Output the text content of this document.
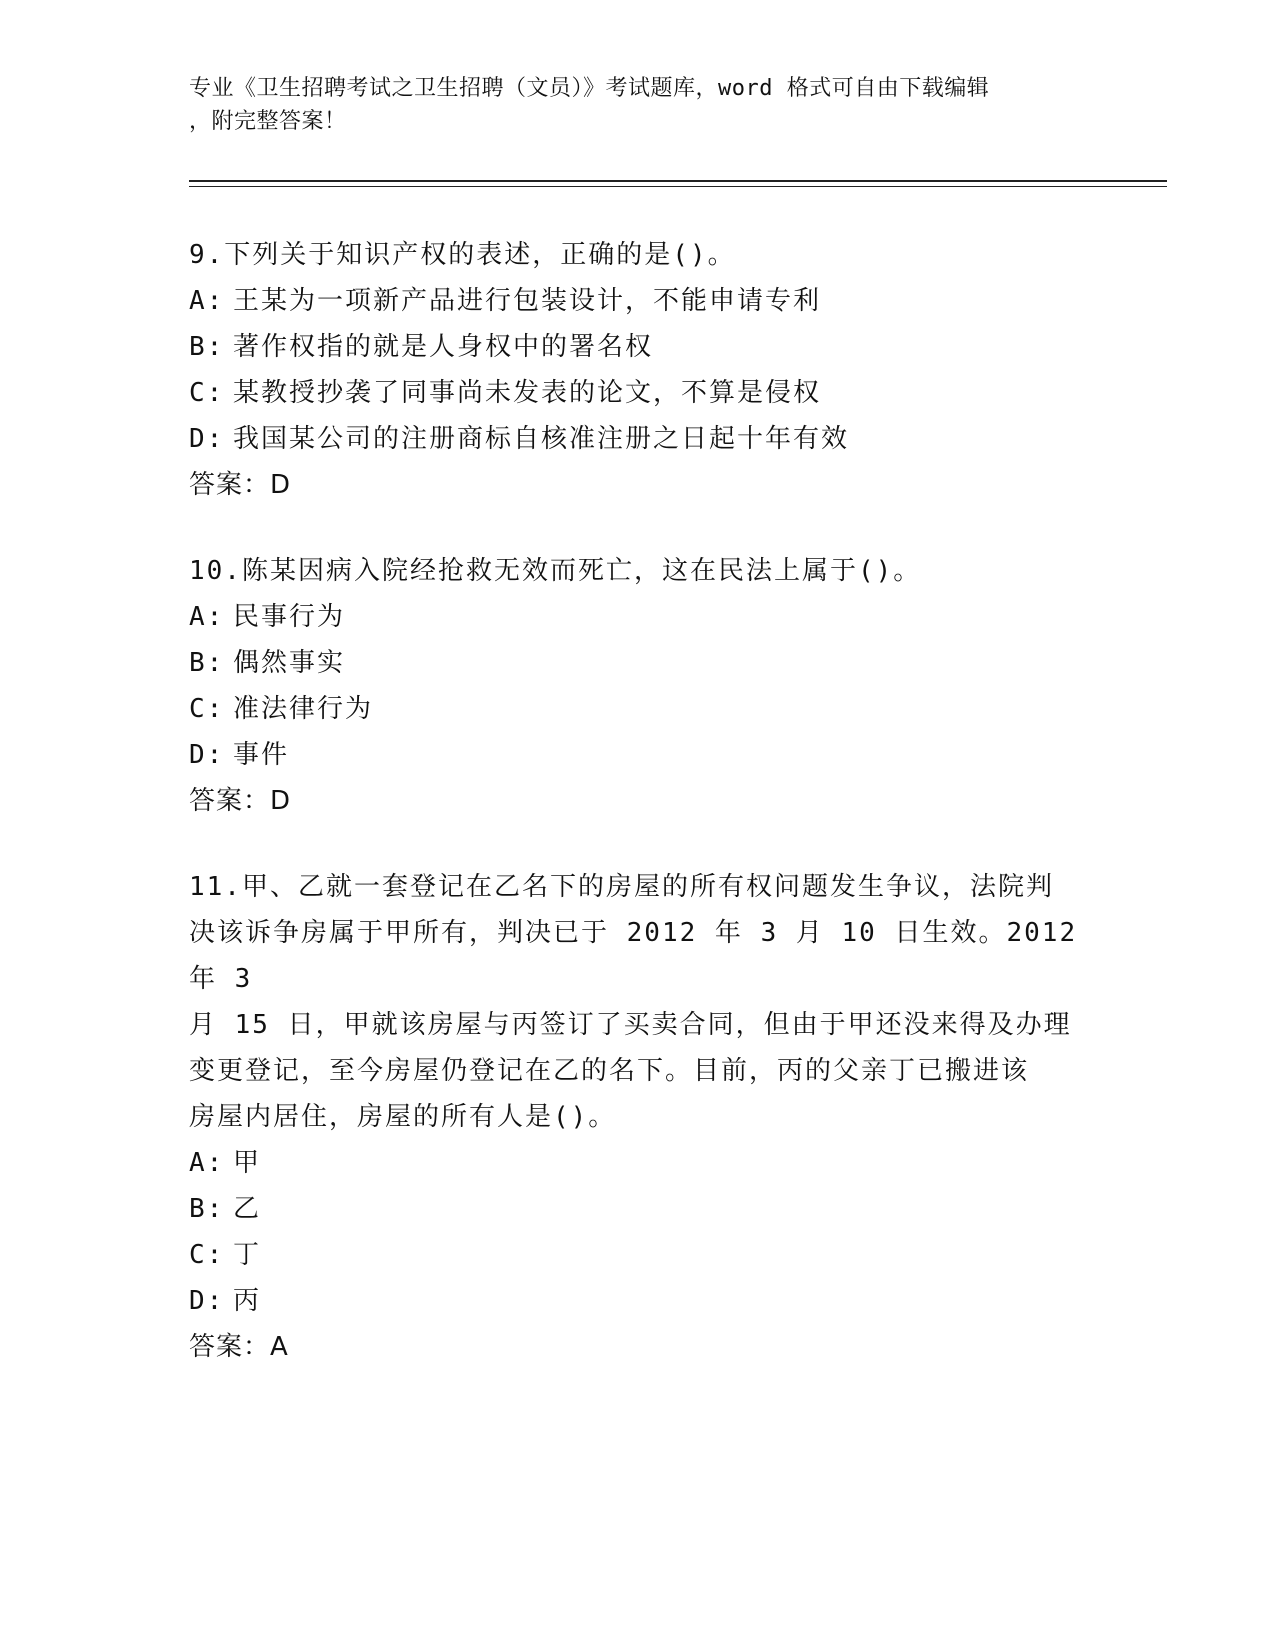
专业《卫生招聘考试之卫生招聘（文员）》考试题库，word 格式可自由下载编辑
，附完整答案！
9.下列关于知识产权的表述，正确的是()。
A: 王某为一项新产品进行包装设计，不能申请专利
B: 著作权指的就是人身权中的署名权
C: 某教授抄袭了同事尚未发表的论文，不算是侵权
D: 我国某公司的注册商标自核准注册之日起十年有效
答案：D
10.陈某因病入院经抢救无效而死亡，这在民法上属于()。
A: 民事行为
B: 偶然事实
C: 准法律行为
D: 事件
答案：D
11.甲、乙就一套登记在乙名下的房屋的所有权问题发生争议，法院判
决该诉争房属于甲所有，判决已于 2012 年 3 月 10 日生效。2012 年 3
月 15 日，甲就该房屋与丙签订了买卖合同，但由于甲还没来得及办理
变更登记，至今房屋仍登记在乙的名下。目前，丙的父亲丁已搬进该
房屋内居住，房屋的所有人是()。
A: 甲
B: 乙
C: 丁
D: 丙
答案：A
